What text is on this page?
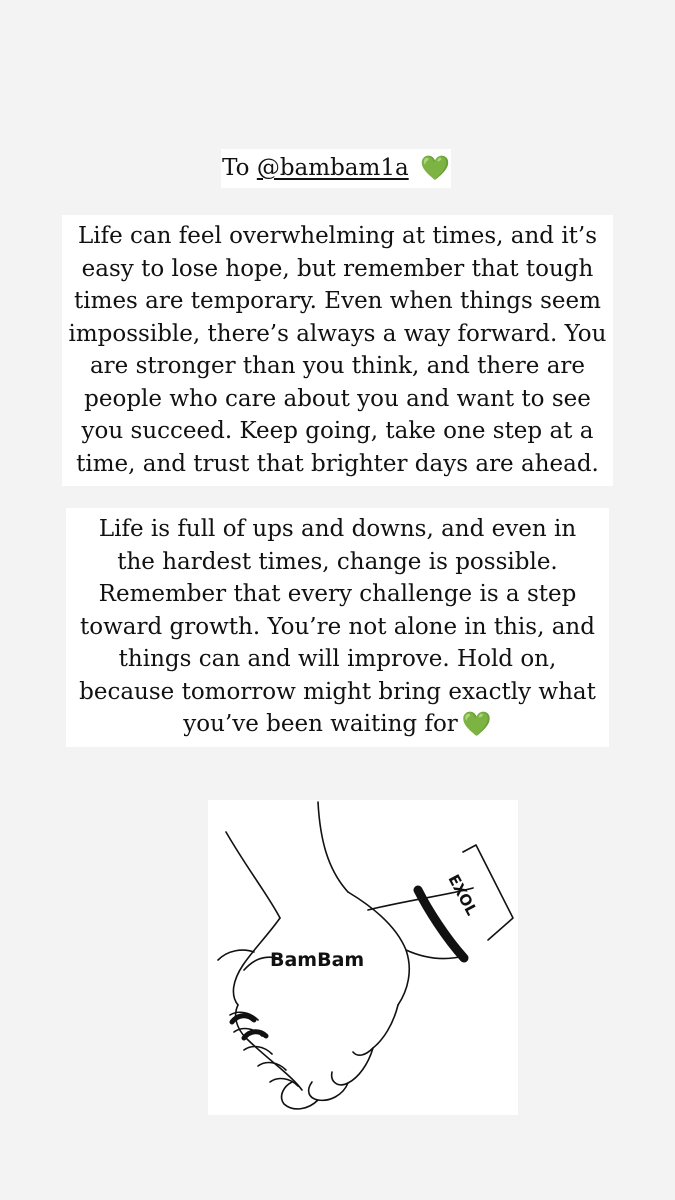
To @bambam1a 💚
Life can feel overwhelming at times, and it’s
easy to lose hope, but remember that tough
times are temporary. Even when things seem
impossible, there’s always a way forward. You
are stronger than you think, and there are
people who care about you and want to see
you succeed. Keep going, take one step at a
time, and trust that brighter days are ahead.
Life is full of ups and downs, and even in
the hardest times, change is possible.
Remember that every challenge is a step
toward growth. You’re not alone in this, and
things can and will improve. Hold on,
because tomorrow might bring exactly what
you’ve been waiting for 💚
BamBam
EXOL
